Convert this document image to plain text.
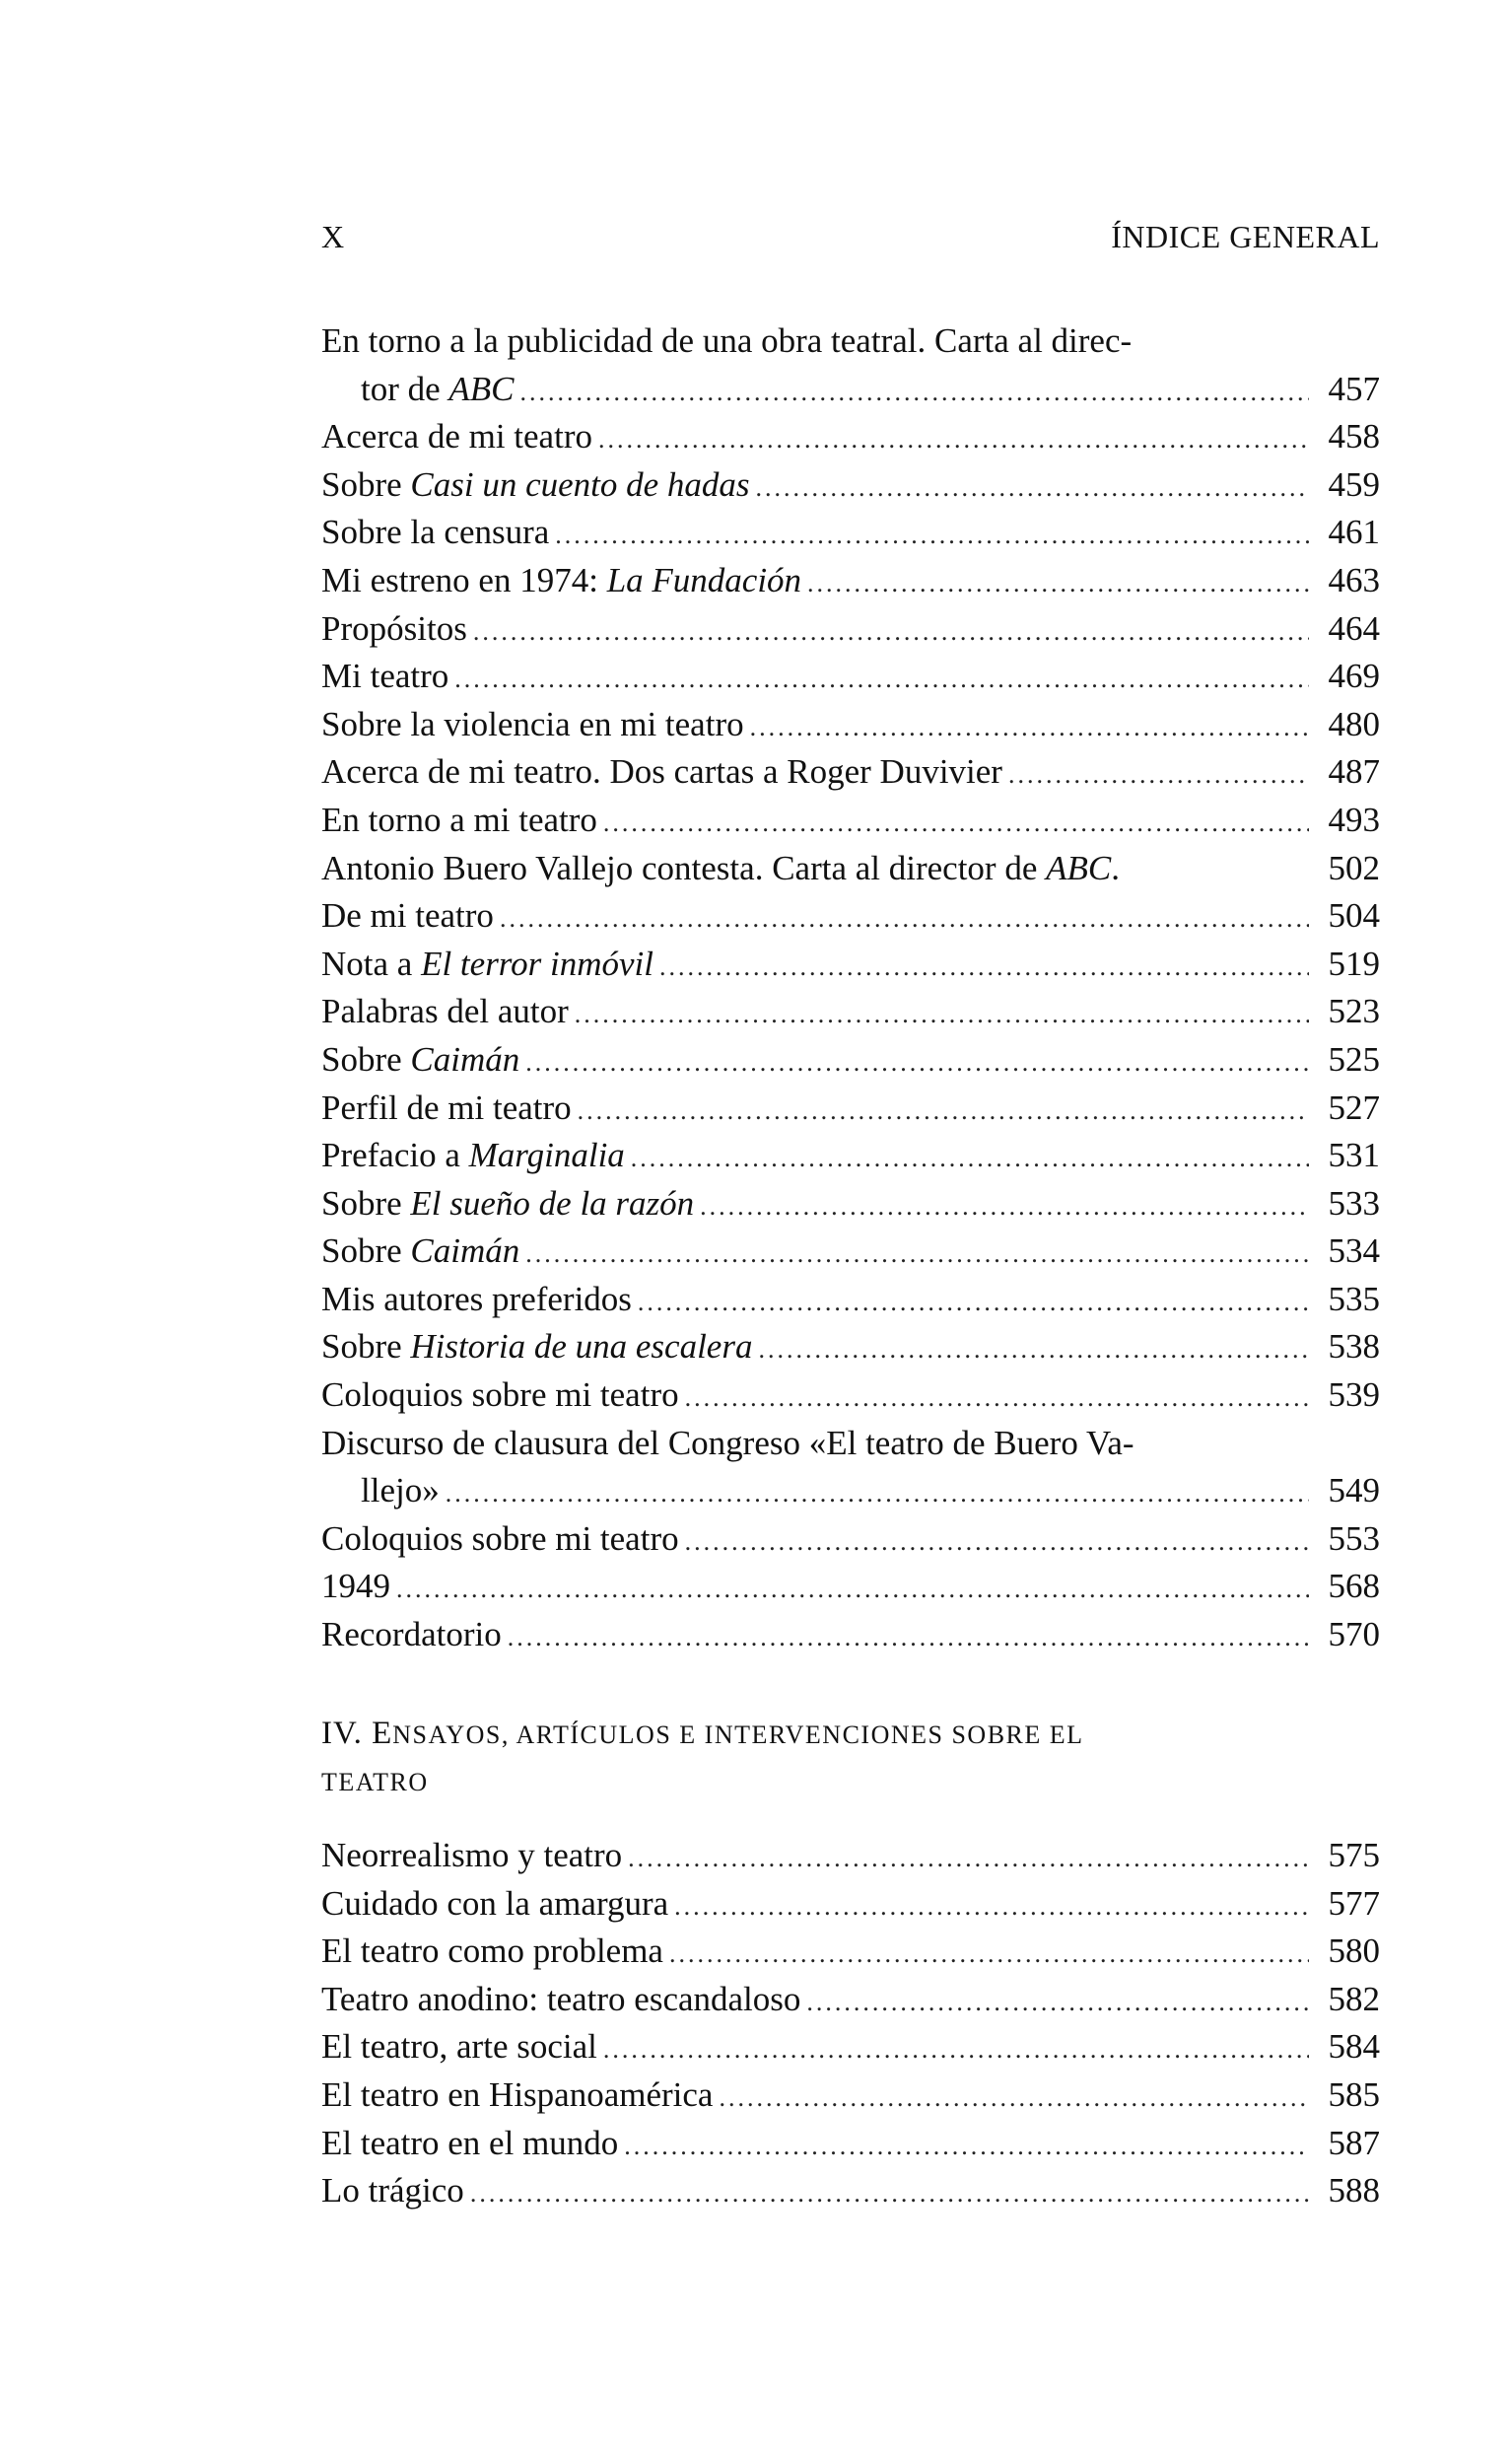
X	ÍNDICE GENERAL
En torno a la publicidad de una obra teatral. Carta al direc-
tor de ABC .....	457
Acerca de mi teatro .....	458
Sobre Casi un cuento de hadas .....	459
Sobre la censura .....	461
Mi estreno en 1974: La Fundación .....	463
Propósitos .....	464
Mi teatro .....	469
Sobre la violencia en mi teatro .....	480
Acerca de mi teatro. Dos cartas a Roger Duvivier .....	487
En torno a mi teatro .....	493
Antonio Buero Vallejo contesta. Carta al director de ABC.	502
De mi teatro .....	504
Nota a El terror inmóvil .....	519
Palabras del autor .....	523
Sobre Caimán .....	525
Perfil de mi teatro .....	527
Prefacio a Marginalia .....	531
Sobre El sueño de la razón .....	533
Sobre Caimán .....	534
Mis autores preferidos .....	535
Sobre Historia de una escalera .....	538
Coloquios sobre mi teatro .....	539
Discurso de clausura del Congreso «El teatro de Buero Va-
llejo» .....	549
Coloquios sobre mi teatro .....	553
1949 .....	568
Recordatorio .....	570
IV. ENSAYOS, ARTÍCULOS E INTERVENCIONES SOBRE EL
TEATRO
Neorrealismo y teatro .....	575
Cuidado con la amargura .....	577
El teatro como problema .....	580
Teatro anodino: teatro escandaloso .....	582
El teatro, arte social .....	584
El teatro en Hispanoamérica .....	585
El teatro en el mundo .....	587
Lo trágico .....	588
